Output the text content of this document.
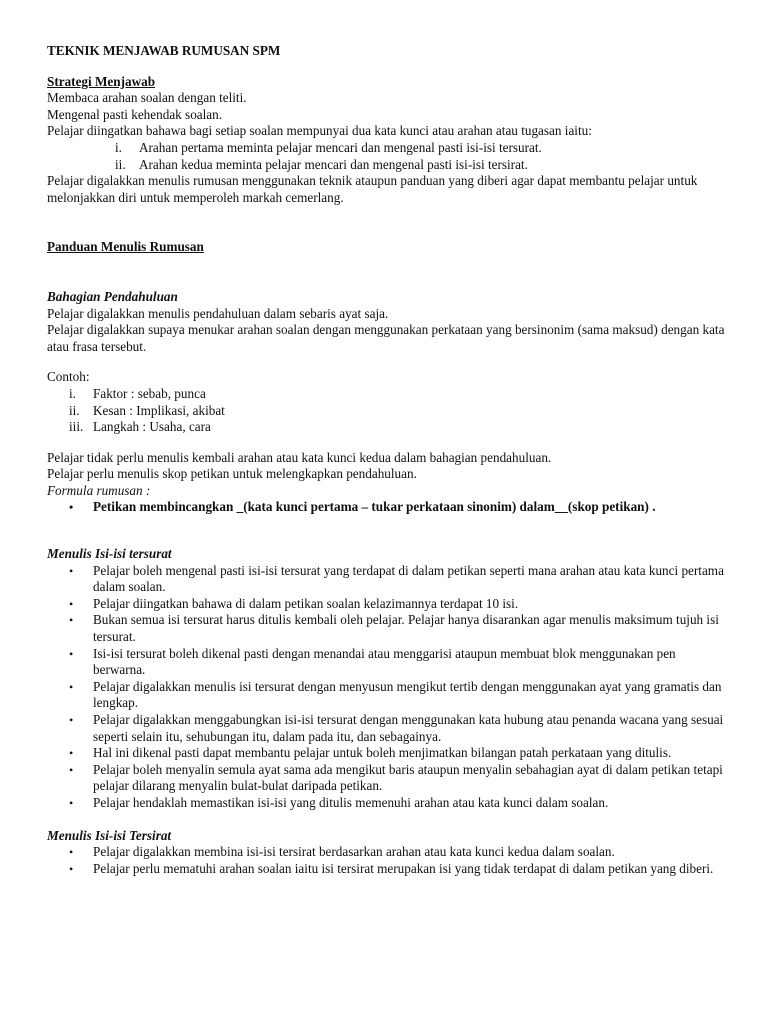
TEKNIK MENJAWAB RUMUSAN SPM

Strategi Menjawab

Membaca arahan soalan dengan teliti.

Mengenal pasti kehendak soalan.

Pelajar diingatkan bahawa bagi setiap soalan mempunyai dua kata kunci atau arahan atau tugasan iaitu:

i.	Arahan pertama meminta pelajar mencari dan mengenal pasti isi-isi tersurat.
ii.	Arahan kedua meminta pelajar mencari dan mengenal pasti isi-isi tersirat.

Pelajar digalakkan menulis rumusan menggunakan teknik ataupun panduan yang diberi agar dapat membantu pelajar untuk melonjakkan diri untuk memperoleh markah cemerlang.

Panduan Menulis Rumusan

Bahagian Pendahuluan

Pelajar digalakkan menulis pendahuluan dalam sebaris ayat saja.

Pelajar digalakkan supaya menukar arahan soalan dengan menggunakan perkataan yang bersinonim (sama maksud) dengan kata atau frasa tersebut.

Contoh:

i.	Faktor : sebab, punca
ii.	Kesan : Implikasi, akibat
iii. Langkah : Usaha, cara

Pelajar tidak perlu menulis kembali arahan atau kata kunci kedua dalam bahagian pendahuluan.

Pelajar perlu menulis skop petikan untuk melengkapkan pendahuluan.

Formula rumusan :

•	Petikan membincangkan _(kata kunci pertama – tukar perkataan sinonim) dalam__(skop petikan) .

Menulis Isi-isi tersurat

•	Pelajar boleh mengenal pasti isi-isi tersurat yang terdapat di dalam petikan seperti mana arahan atau kata kunci pertama dalam soalan.
•	Pelajar diingatkan bahawa di dalam petikan soalan kelazimannya terdapat 10 isi.
•	Bukan semua isi tersurat harus ditulis kembali oleh pelajar. Pelajar hanya disarankan agar menulis maksimum tujuh isi tersurat.
•	Isi-isi tersurat boleh dikenal pasti dengan menandai atau menggarisi ataupun membuat blok menggunakan pen berwarna.
•	Pelajar digalakkan menulis isi tersurat dengan menyusun mengikut tertib dengan menggunakan ayat yang gramatis dan lengkap.
•	Pelajar digalakkan menggabungkan isi-isi tersurat dengan menggunakan kata hubung atau penanda wacana yang sesuai seperti selain itu, sehubungan itu, dalam pada itu, dan sebagainya.
•	Hal ini dikenal pasti dapat membantu pelajar untuk boleh menjimatkan bilangan patah perkataan yang ditulis.
•	Pelajar boleh menyalin semula ayat sama ada mengikut baris ataupun menyalin sebahagian ayat di dalam petikan tetapi pelajar dilarang menyalin bulat-bulat daripada petikan.
•	Pelajar hendaklah memastikan isi-isi yang ditulis memenuhi arahan atau kata kunci dalam soalan.

Menulis Isi-isi Tersirat

•	Pelajar digalakkan membina isi-isi tersirat berdasarkan arahan atau kata kunci kedua dalam soalan.
•	Pelajar perlu mematuhi arahan soalan iaitu isi tersirat merupakan isi yang tidak terdapat di dalam petikan yang diberi.
